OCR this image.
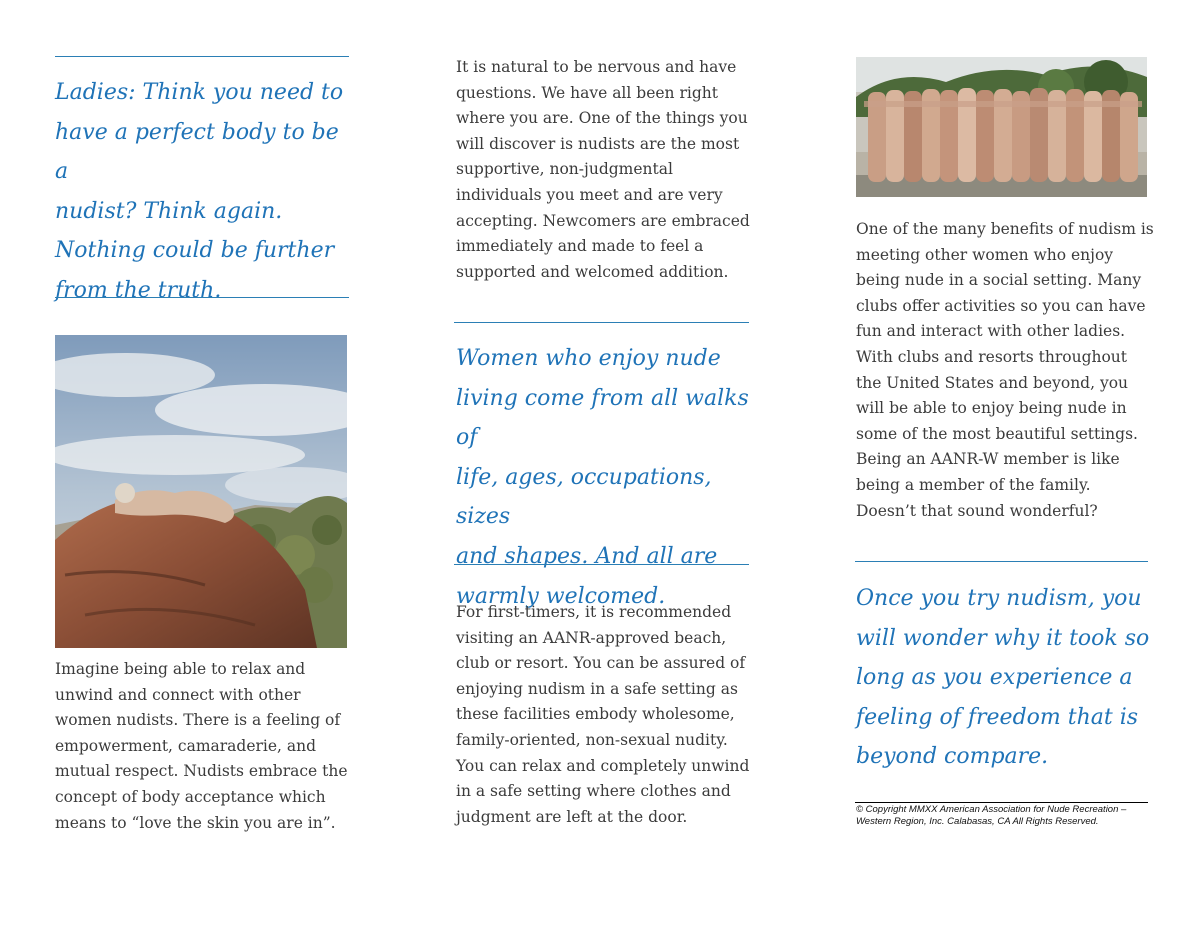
Ladies: Think you need to
have a perfect body to be a
nudist? Think again.
Nothing could be further
from the truth.

Imagine being able to relax and
unwind and connect with other
women nudists. There is a feeling of
empowerment, camaraderie, and
mutual respect. Nudists embrace the
concept of body acceptance which
means to “love the skin you are in”.

It is natural to be nervous and have
questions. We have all been right
where you are. One of the things you
will discover is nudists are the most
supportive, non-judgmental
individuals you meet and are very
accepting. Newcomers are embraced
immediately and made to feel a
supported and welcomed addition.

Women who enjoy nude
living come from all walks of
life, ages, occupations, sizes
and shapes. And all are
warmly welcomed.

For first-timers, it is recommended
visiting an AANR-approved beach,
club or resort. You can be assured of
enjoying nudism in a safe setting as
these facilities embody wholesome,
family-oriented, non-sexual nudity.
You can relax and completely unwind
in a safe setting where clothes and
judgment are left at the door.

One of the many benefits of nudism is
meeting other women who enjoy
being nude in a social setting. Many
clubs offer activities so you can have
fun and interact with other ladies.
With clubs and resorts throughout
the United States and beyond, you
will be able to enjoy being nude in
some of the most beautiful settings.
Being an AANR-W member is like
being a member of the family.
Doesn’t that sound wonderful?

Once you try nudism, you
will wonder why it took so
long as you experience a
feeling of freedom that is
beyond compare.

© Copyright MMXX American Association for Nude Recreation –
Western Region, Inc. Calabasas, CA All Rights Reserved.
